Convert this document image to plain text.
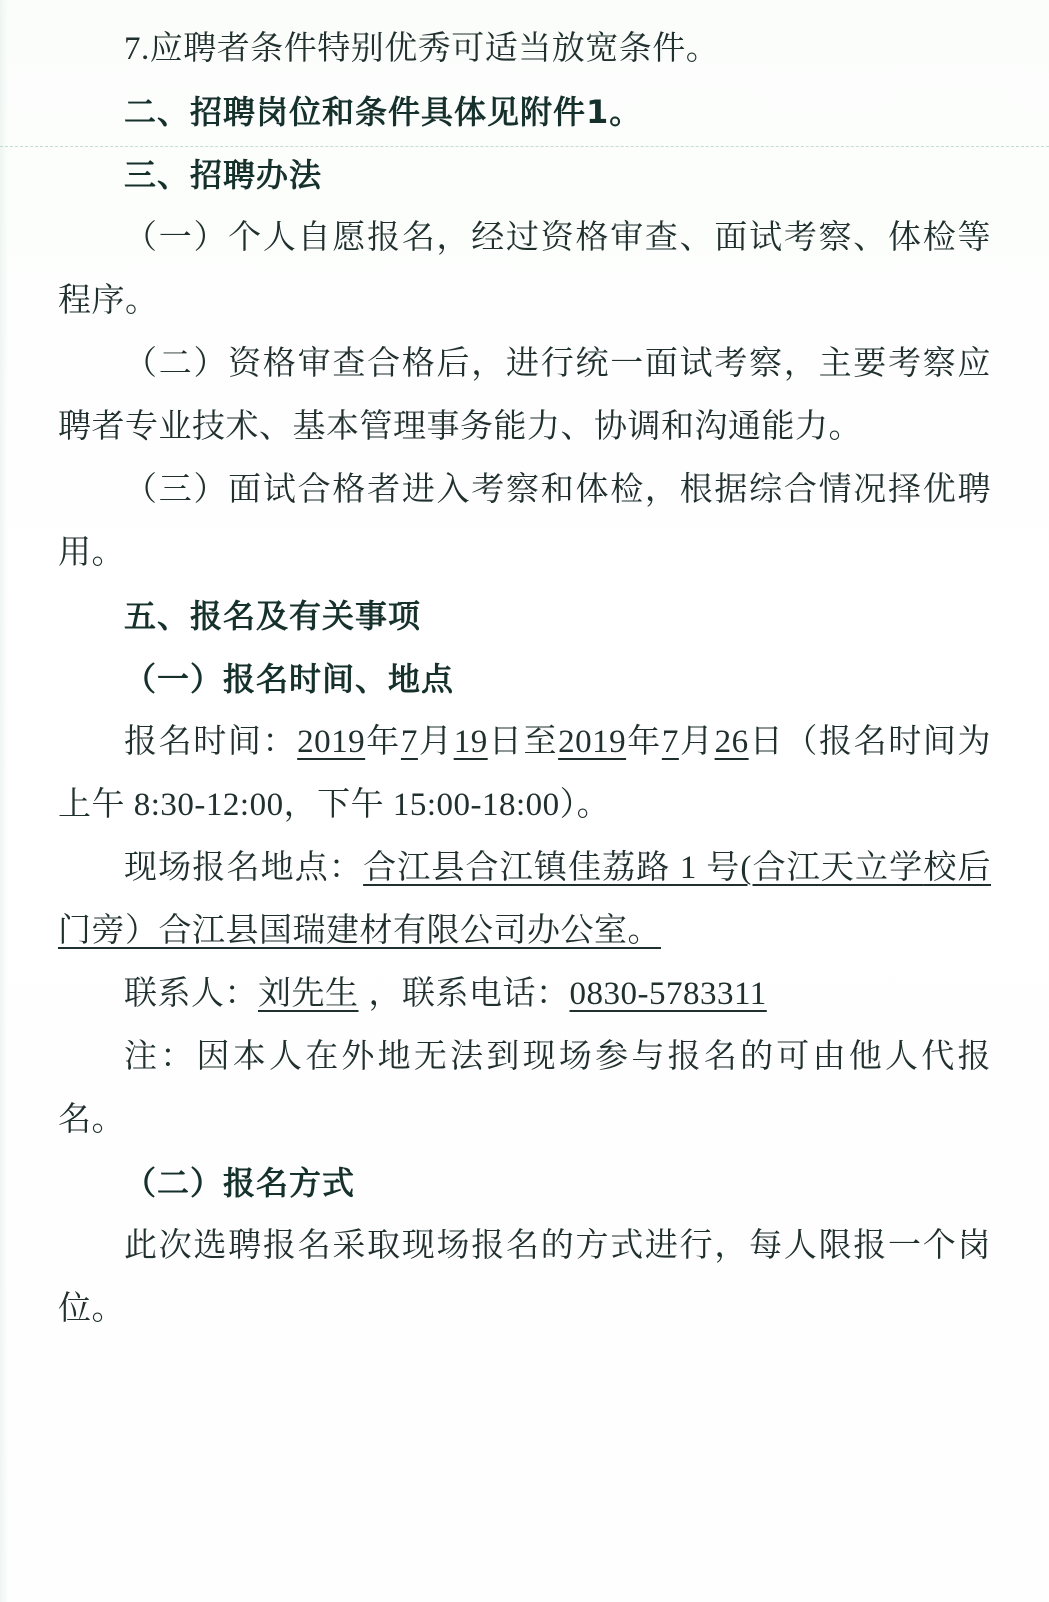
7.应聘者条件特别优秀可适当放宽条件。

二、招聘岗位和条件具体见附件1。

三、招聘办法

（一）个人自愿报名，经过资格审查、面试考察、体检等程序。

（二）资格审查合格后，进行统一面试考察，主要考察应聘者专业技术、基本管理事务能力、协调和沟通能力。

（三）面试合格者进入考察和体检，根据综合情况择优聘用。

五、报名及有关事项

（一）报名时间、地点

报名时间：2019年7月19日至2019年7月26日（报名时间为上午 8:30-12:00，下午 15:00-18:00）。

现场报名地点：合江县合江镇佳荔路 1 号(合江天立学校后门旁）合江县国瑞建材有限公司办公室。

联系人：刘先生 ，联系电话：0830-5783311

注：因本人在外地无法到现场参与报名的可由他人代报名。

（二）报名方式

此次选聘报名采取现场报名的方式进行，每人限报一个岗位。
